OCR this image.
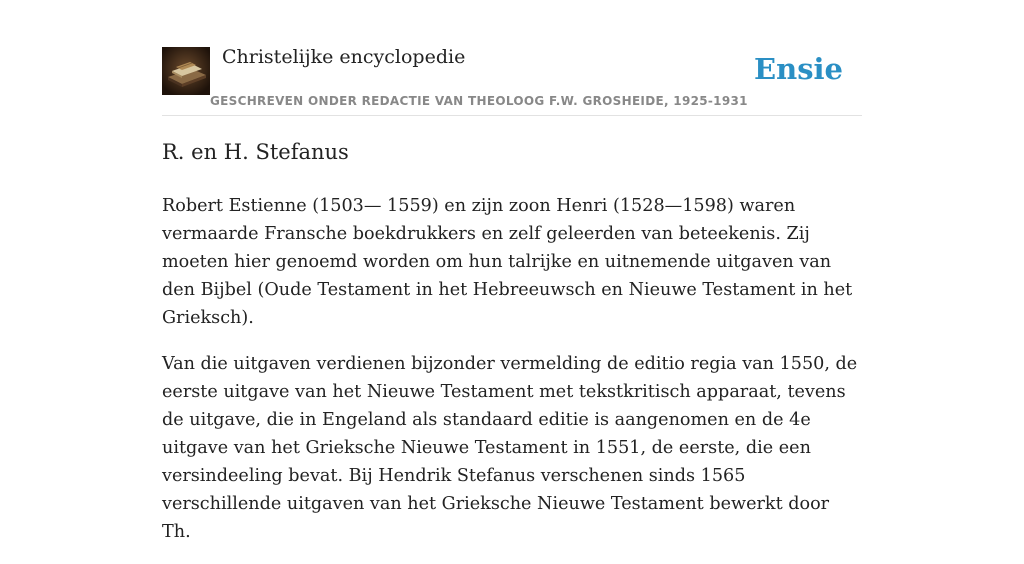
Christelijke encyclopedie
GESCHREVEN ONDER REDACTIE VAN THEOLOOG F.W. GROSHEIDE, 1925-1931
Ensie
R. en H. Stefanus

Robert Estienne (1503— 1559) en zijn zoon Henri (1528—1598) waren vermaarde Fransche boekdrukkers en zelf geleerden van beteekenis. Zij moeten hier genoemd worden om hun talrijke en uitnemende uitgaven van den Bijbel (Oude Testament in het Hebreeuwsch en Nieuwe Testament in het Grieksch).

Van die uitgaven verdienen bijzonder vermelding de editio regia van 1550, de eerste uitgave van het Nieuwe Testament met tekstkritisch apparaat, tevens de uitgave, die in Engeland als standaard editie is aangenomen en de 4e uitgave van het Grieksche Nieuwe Testament in 1551, de eerste, die een versindeeling bevat. Bij Hendrik Stefanus verschenen sinds 1565 verschillende uitgaven van het Grieksche Nieuwe Testament bewerkt door Th.
